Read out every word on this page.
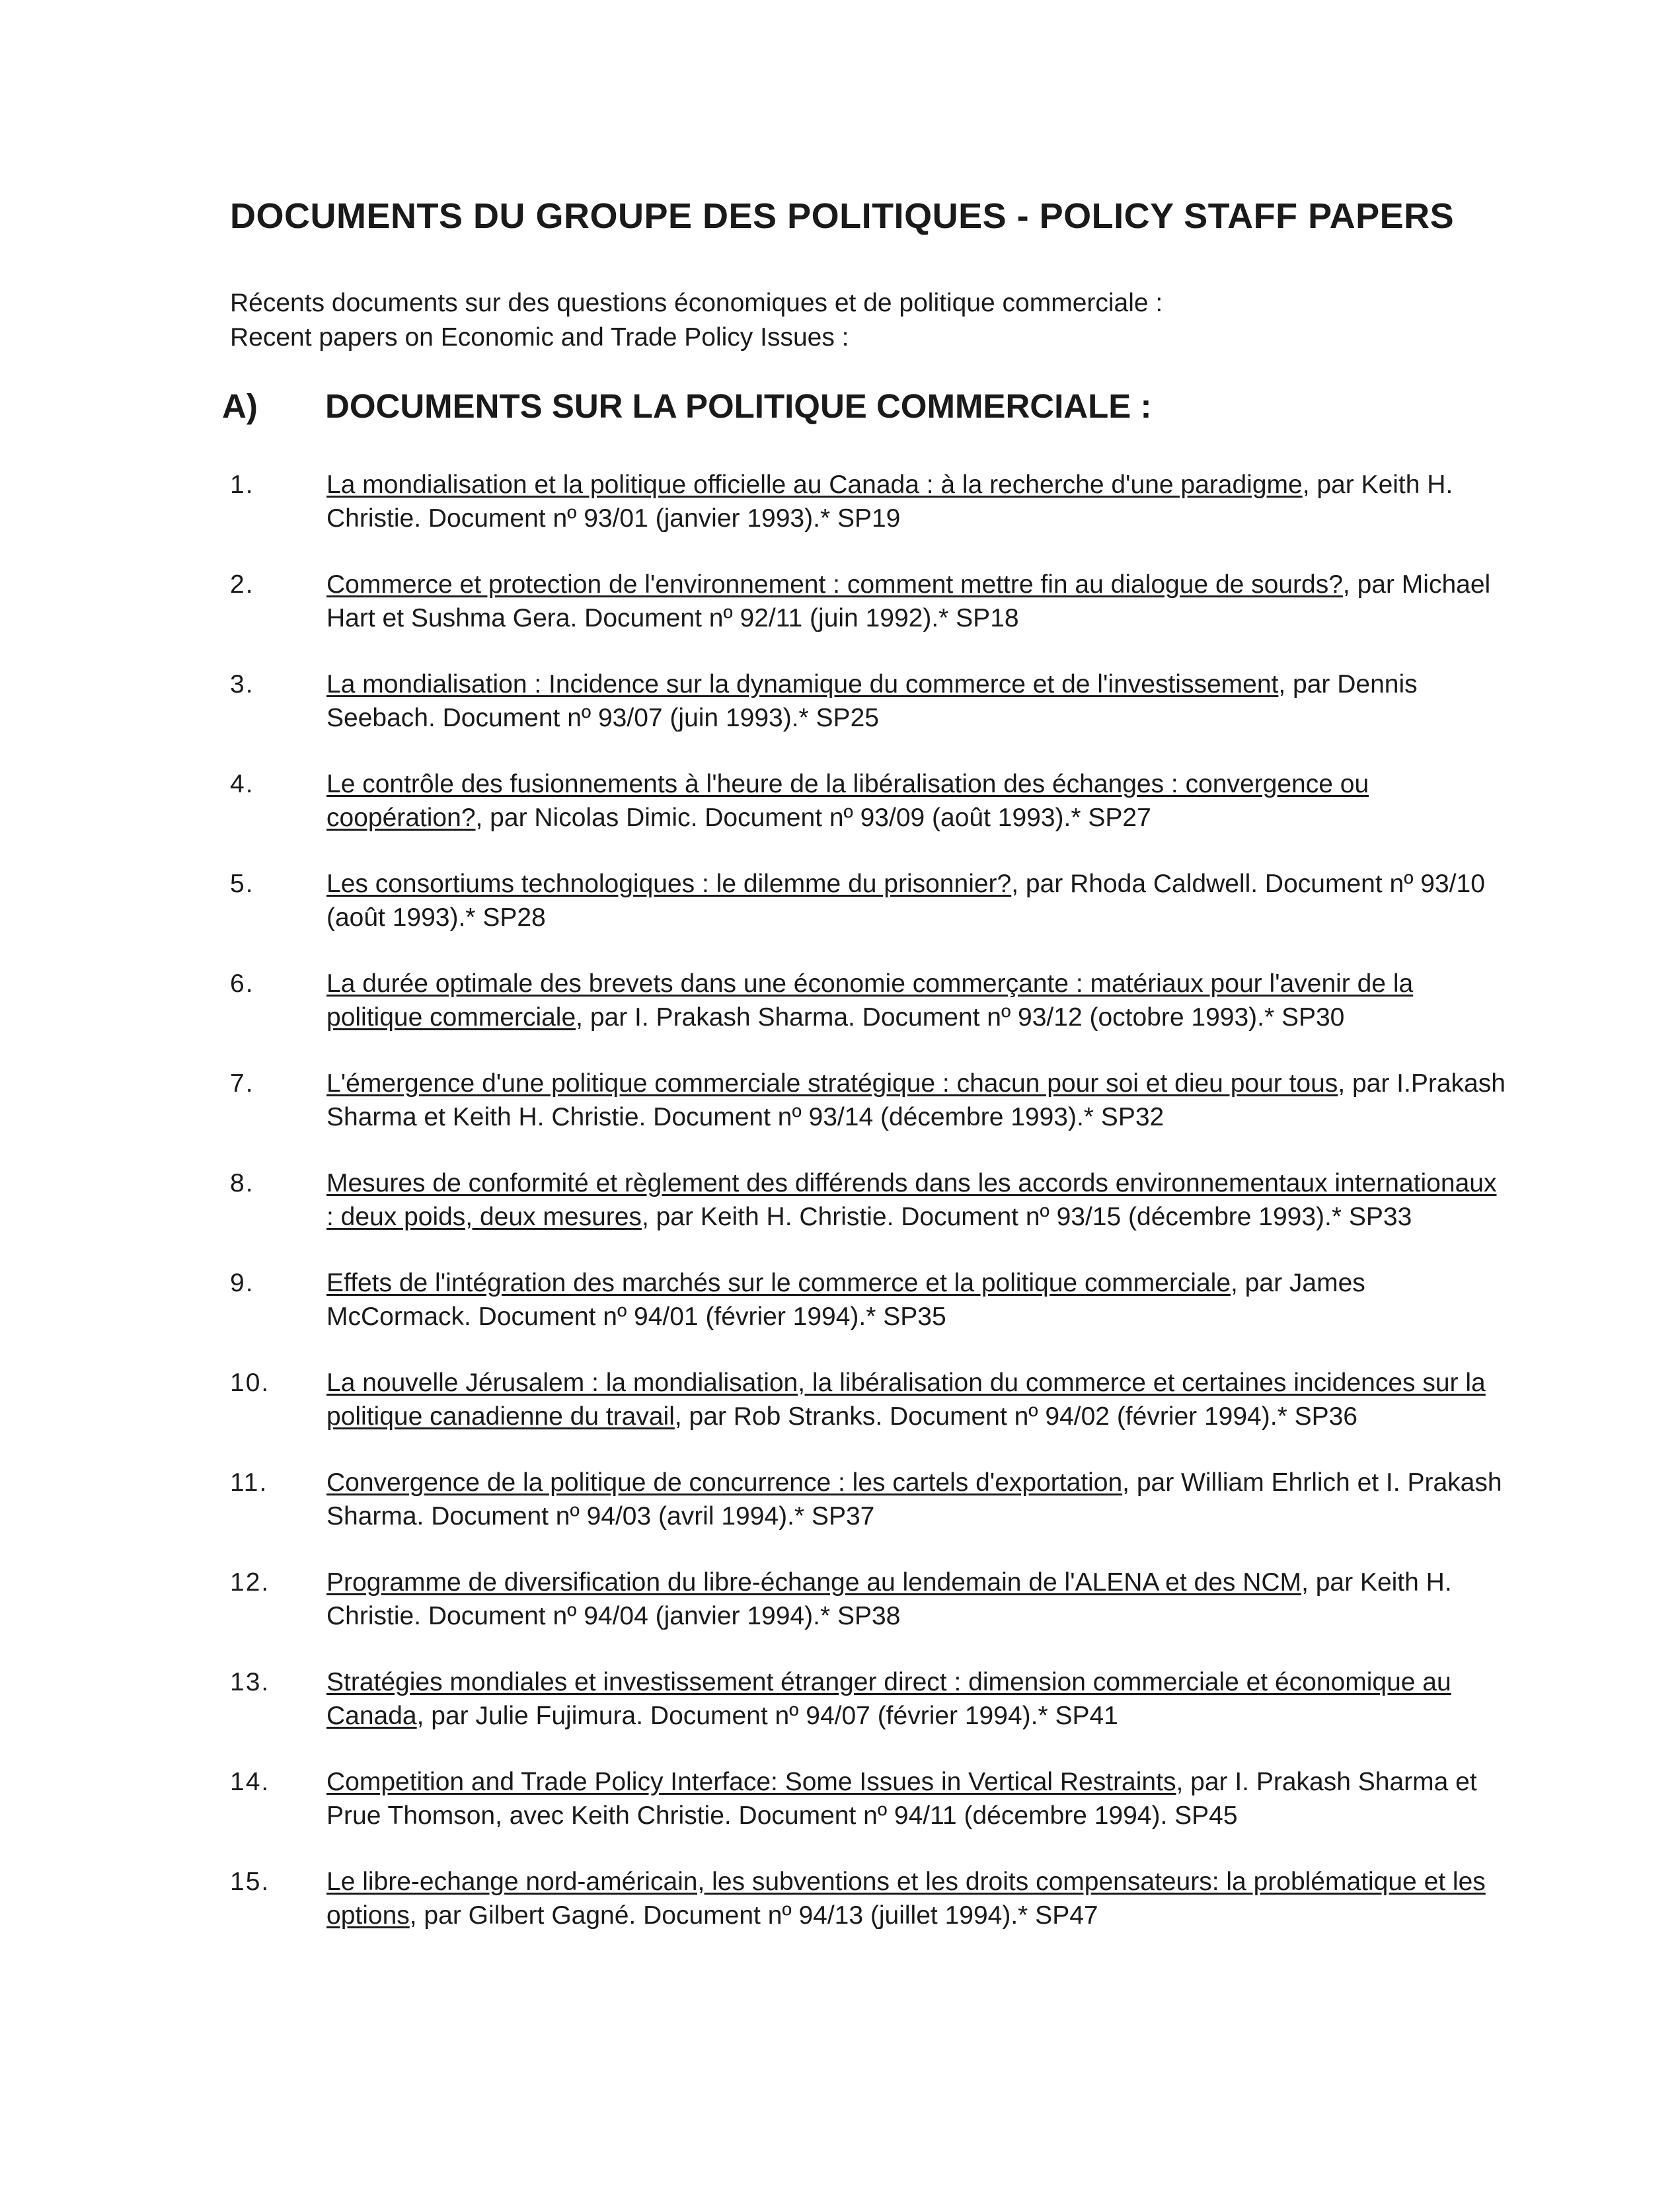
DOCUMENTS DU GROUPE DES POLITIQUES - POLICY STAFF PAPERS
Récents documents sur des questions économiques et de politique commerciale :
Recent papers on Economic and Trade Policy Issues :
A) DOCUMENTS SUR LA POLITIQUE COMMERCIALE :
1.	La mondialisation et la politique officielle au Canada : à la recherche d'une paradigme, par Keith H. Christie. Document nº 93/01 (janvier 1993).* SP19
2.	Commerce et protection de l'environnement : comment mettre fin au dialogue de sourds?, par Michael Hart et Sushma Gera. Document nº 92/11 (juin 1992).* SP18
3.	La mondialisation : Incidence sur la dynamique du commerce et de l'investissement, par Dennis Seebach. Document nº 93/07 (juin 1993).* SP25
4.	Le contrôle des fusionnements à l'heure de la libéralisation des échanges : convergence ou coopération?, par Nicolas Dimic. Document nº 93/09 (août 1993).* SP27
5.	Les consortiums technologiques : le dilemme du prisonnier?, par Rhoda Caldwell. Document nº 93/10 (août 1993).* SP28
6.	La durée optimale des brevets dans une économie commerçante : matériaux pour l'avenir de la politique commerciale, par I. Prakash Sharma. Document nº 93/12 (octobre 1993).* SP30
7.	L'émergence d'une politique commerciale stratégique : chacun pour soi et dieu pour tous, par I.Prakash Sharma et Keith H. Christie. Document nº 93/14 (décembre 1993).* SP32
8.	Mesures de conformité et règlement des différends dans les accords environnementaux internationaux : deux poids, deux mesures, par Keith H. Christie. Document nº 93/15 (décembre 1993).* SP33
9.	Effets de l'intégration des marchés sur le commerce et la politique commerciale, par James McCormack. Document nº 94/01 (février 1994).* SP35
10.	La nouvelle Jérusalem : la mondialisation, la libéralisation du commerce et certaines incidences sur la politique canadienne du travail, par Rob Stranks. Document nº 94/02 (février 1994).* SP36
11.	Convergence de la politique de concurrence : les cartels d'exportation, par William Ehrlich et I. Prakash Sharma. Document nº 94/03 (avril 1994).* SP37
12.	Programme de diversification du libre-échange au lendemain de l'ALENA et des NCM, par Keith H. Christie. Document nº 94/04 (janvier 1994).* SP38
13.	Stratégies mondiales et investissement étranger direct : dimension commerciale et économique au Canada, par Julie Fujimura. Document nº 94/07 (février 1994).* SP41
14.	Competition and Trade Policy Interface: Some Issues in Vertical Restraints, par I. Prakash Sharma et Prue Thomson, avec Keith Christie. Document nº 94/11 (décembre 1994). SP45
15.	Le libre-echange nord-américain, les subventions et les droits compensateurs: la problématique et les options, par Gilbert Gagné. Document nº 94/13 (juillet 1994).* SP47
